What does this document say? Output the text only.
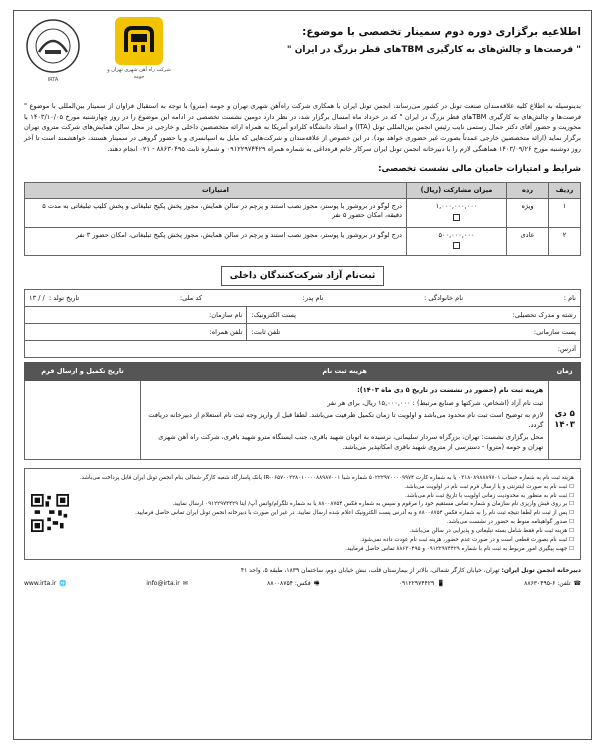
اطلاعیه برگزاری دوره دوم سمینار تخصصی با موضوع:
" فرصت‌ها و چالش‌های به کارگیری TBMهای قطر بزرگ در ایران "
شرکت راه آهن شهری تهران و حومه
IRTA
بدینوسیله به اطلاع کلیه علاقه‌مندان صنعت تونل در کشور می‌رساند، انجمن تونل ایران با همکاری شرکت راه‌آهن شهری تهران و حومه (مترو) با توجه به استقبال فراوان از سمینار بین‌المللی با موضوع " فرصت‌ها و چالش‌های به کارگیری TBMهای قطر بزرگ در ایران " که در خرداد ماه امسال برگزار شد، در نظر دارد دومین نشست تخصصی در ادامه این موضوع را در روز چهارشنبه مورخ ۱۴۰۳/۱۰/۰۵ با محوریت و حضور آقای دکتر جمال رستمی نایب رئیس انجمن بین‌المللی تونل (ITA) و استاد دانشگاه کلرادو آمریکا به همراه ارائه متخصصین داخلی و خارجی در محل سالن همایش‌های شرکت متروی تهران برگزار نماید (ارائه متخصصین خارجی عمدتاً بصورت غیر حضوری خواهد بود). در این خصوص از علاقه‌مندان و شرکت‌هایی که مایل به اسپانسری و یا حضور گروهی در سمینار هستند، خواهشمند است تا آخر روز دوشنبه مورخ ۱۴۰۳/۰۹/۲۶ هماهنگی لازم را با دبیرخانه انجمن تونل ایران سرکار خانم قره‌داغی به شماره همراه ۰۹۱۲۲۹۷۴۴۲۹ و شماره ثابت ۸۸۶۳۰۴۹۵ - ۰۲۱ انجام دهند.
شرایط و امتیازات حامیان مالی نشست تخصصی:
ردیف	رده	میزان مشارکت (ریال)	امتیازات
۱	ویژه	۱,۰۰۰,۰۰۰,۰۰۰	درج لوگو در بروشور یا پوستر، مجوز نصب استند و پرچم در سالن همایش، مجوز پخش پکیج تبلیغاتی و پخش کلیپ تبلیغاتی به مدت ۵ دقیقه، امکان حضور ۵ نفر
۲	عادی	۵۰۰,۰۰۰,۰۰۰	درج لوگو در بروشور یا پوستر، مجوز نصب استند و پرچم در سالن همایش، مجوز پخش پکیج تبلیغاتی، امکان حضور ۳ نفر
ثبت‌نام آزاد شرکت‌کنندگان داخلی
نام :
نام خانوادگی :
نام پدر:
کد ملی:
تاریخ تولد :  / / ۱۳	

رشته و مدرک تحصیلی:
پست الکترونیک:	نام سازمان:

پست سازمانی:
تلفن ثابت:	تلفن همراه:
آدرس:	
زمان	هزینه ثبت نام	تاریخ تکمیل و ارسال فرم
۵ دی ۱۴۰۳	هزینه ثبت نام (حضور در نشست در تاریخ ۵ دی ماه ۱۴۰۳):

ثبت نام آزاد (اشخاص، شرکتها و صنایع مرتبط) : ۱۵,۰۰۰,۰۰۰ ریال، برای هر نفر

لازم به توضیح است ثبت نام محدود می‌باشد و اولویت تا زمان تکمیل ظرفیت می‌باشد. لطفا قبل از واریز وجه ثبت نام استعلام از دبیرخانه دریافت گردد.

محل برگزاری نشست: تهران، بزرگراه سردار سلیمانی، نرسیده به اتوبان شهید باقری، جنب ایستگاه مترو شهید باقری، شرکت راه آهن شهری تهران و حومه (مترو) - دسترسی از متروی شهید باقری امکانپذیر می‌باشد.	

هزینه ثبت نام به شماره حساب ۰۳۱۸۰۸۹۸۸۸۹۷۰۱ یا به شماره کارت ۵۰۲۲۲۹۷۰۰۰۰۹۹۷۴ شماره شبا IR-۰۶۵۷۰۰۲۲۸۰۱۰۰۰۰۸۸۹۸۷۰۰۱ بانک پاسارگاد شعبه کارگر شمالی بنام انجمن تونل ایران قابل پرداخت می‌باشد.
☐ ثبت نام به صورت اینترنتی و یا ارسال فرم ثبت نام در اولویت می‌باشد.
☐ ثبت نام به منظور به محدودیت زمانی اولویت با تاریخ ثبت نام می‌باشد.
☐ بر روی فیش واریزی نام سازمان و شماره تماس مستقیم خود را مرقوم و سپس به شماره فکس ۸۸۰۰۸۷۵۴ یا به شماره تلگرام/واتس آپ/ ایتا ۰۹۱۲۲۹۷۴۴۲۹ ارسال نمایید.
☐ پس از ثبت نام لطفا نتیجه ثبت نام را به شماره فکس ۸۸۰۰۸۷۵۴ و به آدرس پست الکترونیک اعلام شده ارسال نمایید. در غیر این صورت با دبیرخانه انجمن تونل ایران تماس حاصل فرمایید.
☐ صدور گواهینامه منوط به حضور در نشست می‌باشد.
☐ هزینه ثبت نام فقط شامل بسته تبلیغاتی و پذیرایی در سالن می‌باشد.
☐ ثبت نام بصورت قطعی است و در صورت عدم حضور، هزینه ثبت نام عودت داده نمی‌شود.
☐ جهت پیگیری امور مربوط به ثبت نام با شماره ۰۹۱۲۲۹۷۴۴۲۹ و ۸۸۶۳۰۴۹۵ تماس حاصل فرمایید.
دبیرخانه انجمن تونل ایران: تهران، خیابان کارگر شمالی، بالاتر از بیمارستان قلب، نبش خیابان دوم، ساختمان ۱۸۳۹، طبقه ۵، واحد ۴۱
☎
تلفن: ۶-۸۸۶۳۰۴۹۵
📱
۰۹۱۲۲۹۷۴۴۲۹
🖷
فکس: ۸۸۰۰۸۷۵۴
✉
info@irta.ir
🌐
www.irta.ir
